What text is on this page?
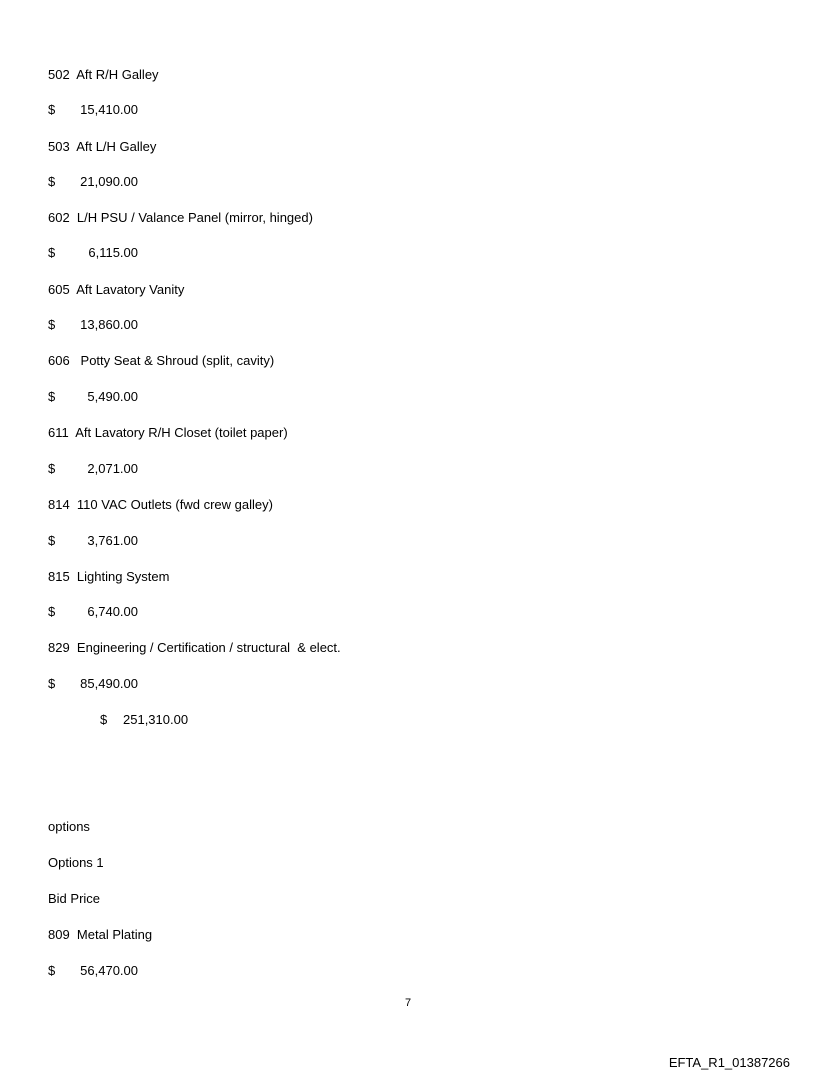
502  Aft R/H Galley

$

15,410.00

503  Aft L/H Galley

$

21,090.00

602  L/H PSU / Valance Panel (mirror, hinged)

$

	6,115.00

605  Aft Lavatory Vanity

$

13,860.00

606   Potty Seat & Shroud (split, cavity)

$

	5,490.00

611  Aft Lavatory R/H Closet (toilet paper)

$

	2,071.00

814  110 VAC Outlets (fwd crew galley)

$

	3,761.00

815  Lighting System

$

	6,740.00

829  Engineering / Certification / structural  & elect.

$

85,490.00

$

251,310.00

options
Options 1
Bid Price
809  Metal Plating

$

56,470.00

7
EFTA_R1_01387266
